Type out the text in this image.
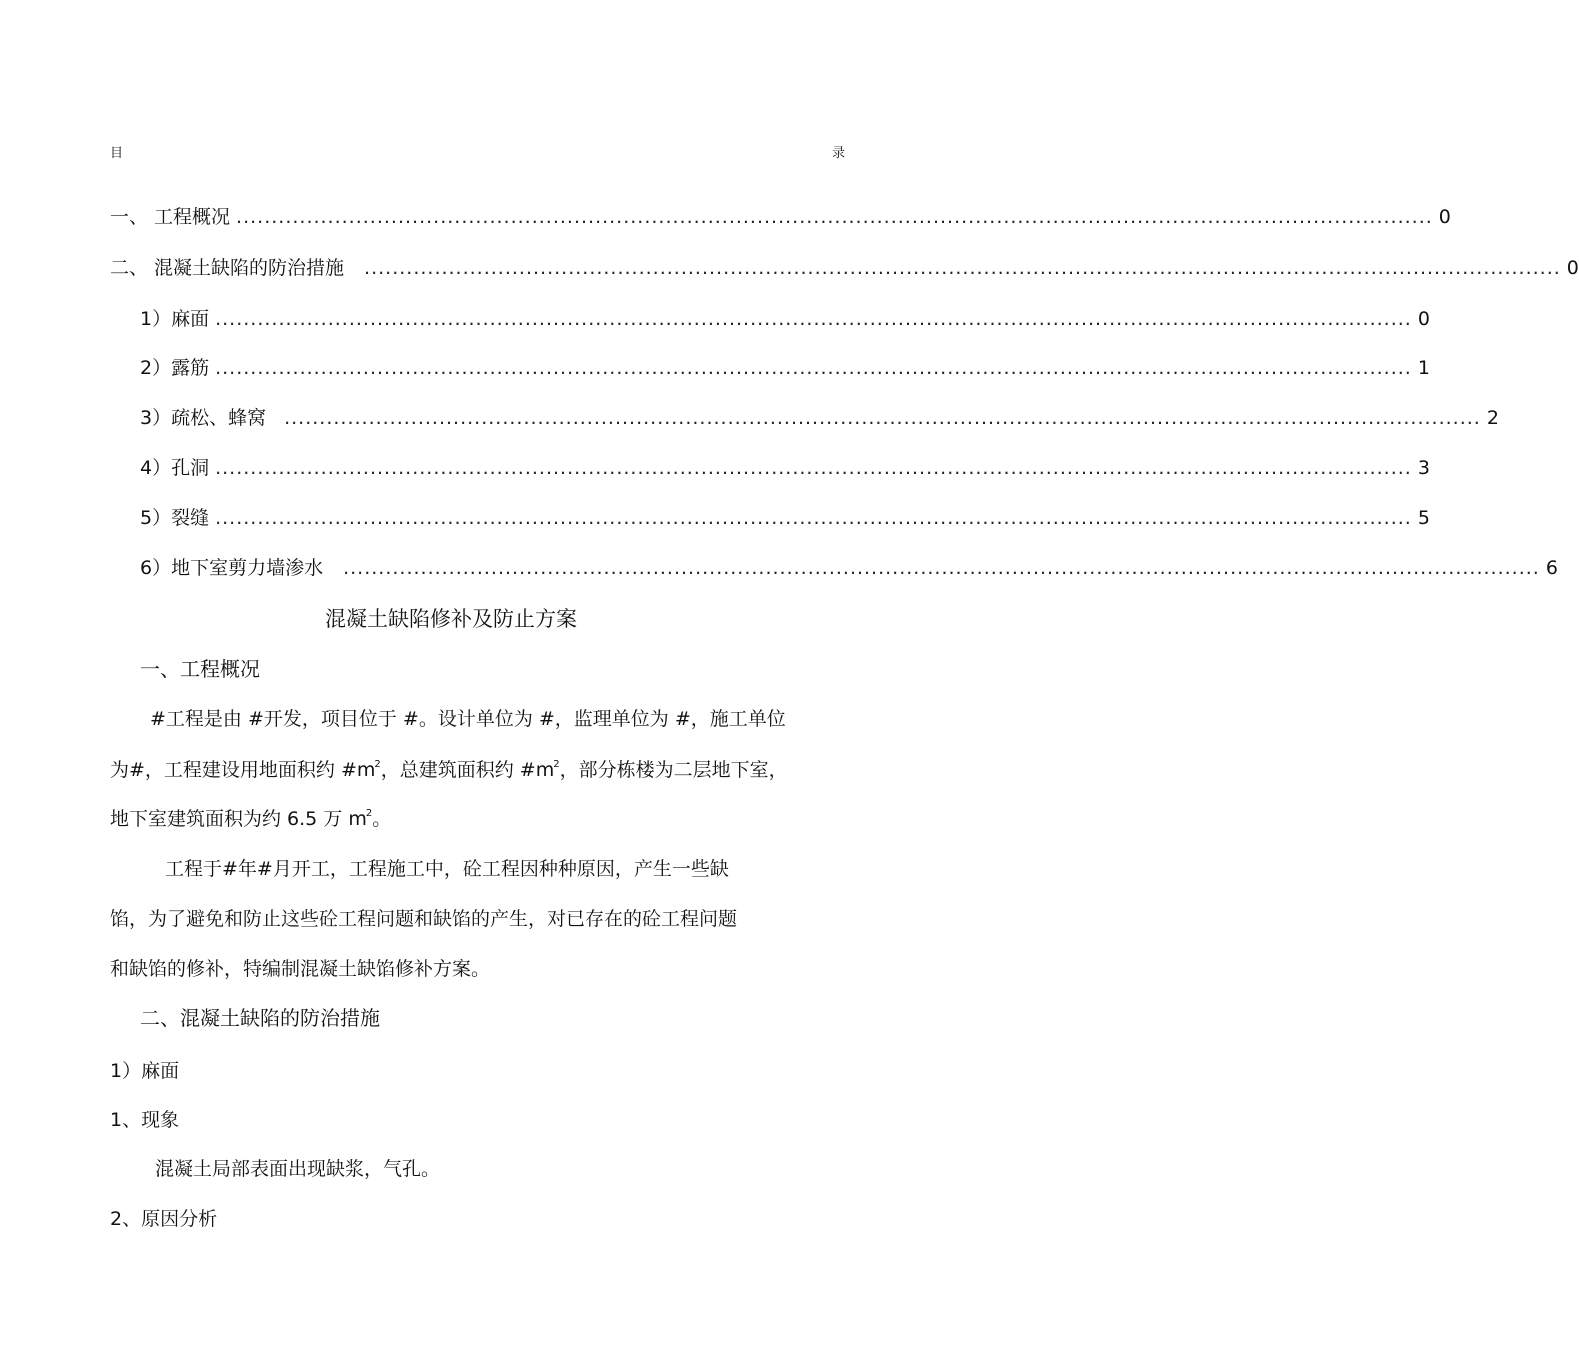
目	录
一、 工程概况 .......................................................................................................................................................................... 0
二、 混凝土缺陷的防治措施 .......................................................................................................................................................................... 0
1）麻面 .......................................................................................................................................................................... 0
2）露筋 .......................................................................................................................................................................... 1
3）疏松、蜂窝 .......................................................................................................................................................................... 2
4）孔洞 .......................................................................................................................................................................... 3
5）裂缝 .......................................................................................................................................................................... 5
6）地下室剪力墙渗水 .......................................................................................................................................................................... 6
混凝土缺陷修补及防止方案
一、工程概况
#工程是由 #开发，项目位于 #。设计单位为 #，监理单位为 #，施工单位
为#，工程建设用地面积约 $\#m^2$，总建筑面积约 $\#m^2$，部分栋楼为二层地下室，
地下室建筑面积为约 6.5 万 $m^2$。
工程于#年#月开工，工程施工中，砼工程因种种原因，产生一些缺
馅，为了避免和防止这些砼工程问题和缺馅的产生，对已存在的砼工程问题
和缺馅的修补，特编制混凝土缺馅修补方案。
二、混凝土缺陷的防治措施
1）麻面
1、现象
混凝土局部表面出现缺浆，气孔。
2、原因分析
